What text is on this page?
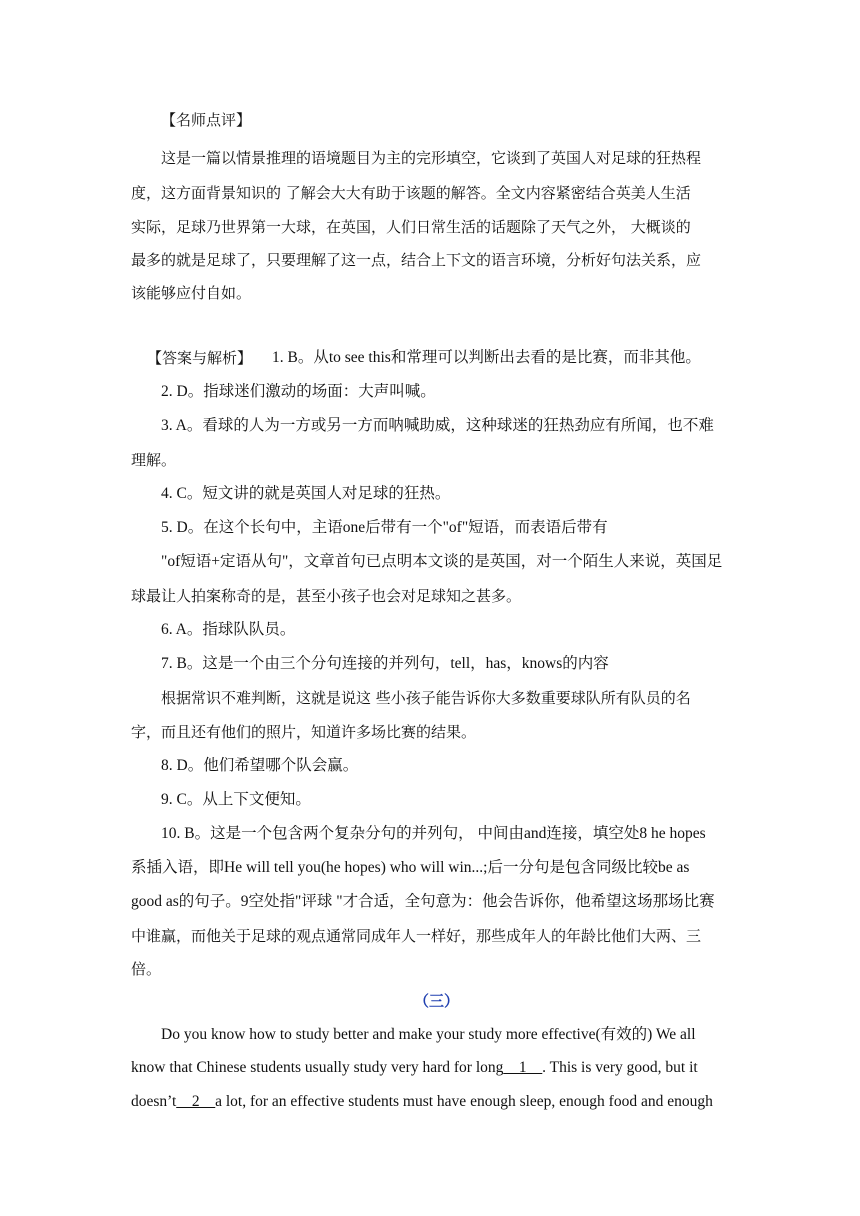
【名师点评】
这是一篇以情景推理的语境题目为主的完形填空，它谈到了英国人对足球的狂热程
度，这方面背景知识的 了解会大大有助于该题的解答。全文内容紧密结合英美人生活
实际，足球乃世界第一大球，在英国，人们日常生活的话题除了天气之外， 大概谈的
最多的就是足球了，只要理解了这一点，结合上下文的语言环境，分析好句法关系，应
该能够应付自如。
【答案与解析】 1. B。从to see this和常理可以判断出去看的是比赛，而非其他。
2. D。指球迷们激动的场面：大声叫喊。
3. A。看球的人为一方或另一方而呐喊助威，这种球迷的狂热劲应有所闻，也不难
理解。
4. C。短文讲的就是英国人对足球的狂热。
5. D。在这个长句中，主语one后带有一个"of"短语，而表语后带有
"of短语+定语从句"，文章首句已点明本文谈的是英国，对一个陌生人来说，英国足
球最让人拍案称奇的是，甚至小孩子也会对足球知之甚多。
6. A。指球队队员。
7. B。这是一个由三个分句连接的并列句，tell，has，knows的内容
根据常识不难判断，这就是说这 些小孩子能告诉你大多数重要球队所有队员的名
字，而且还有他们的照片，知道许多场比赛的结果。
8. D。他们希望哪个队会赢。
9. C。从上下文便知。
10. B。这是一个包含两个复杂分句的并列句， 中间由and连接，填空处8 he hopes
系插入语，即He will tell you(he hopes) who will win...;后一分句是包含同级比较be as
good as的句子。9空处指"评球 "才合适，全句意为：他会告诉你，他希望这场那场比赛
中谁赢，而他关于足球的观点通常同成年人一样好，那些成年人的年龄比他们大两、三
倍。
（三）
Do you know how to study better and make your study more effective(有效的) We all
know that Chinese students usually study very hard for long__1__. This is very good, but it
doesn’t__2__a lot, for an effective students must have enough sleep, enough food and enough
